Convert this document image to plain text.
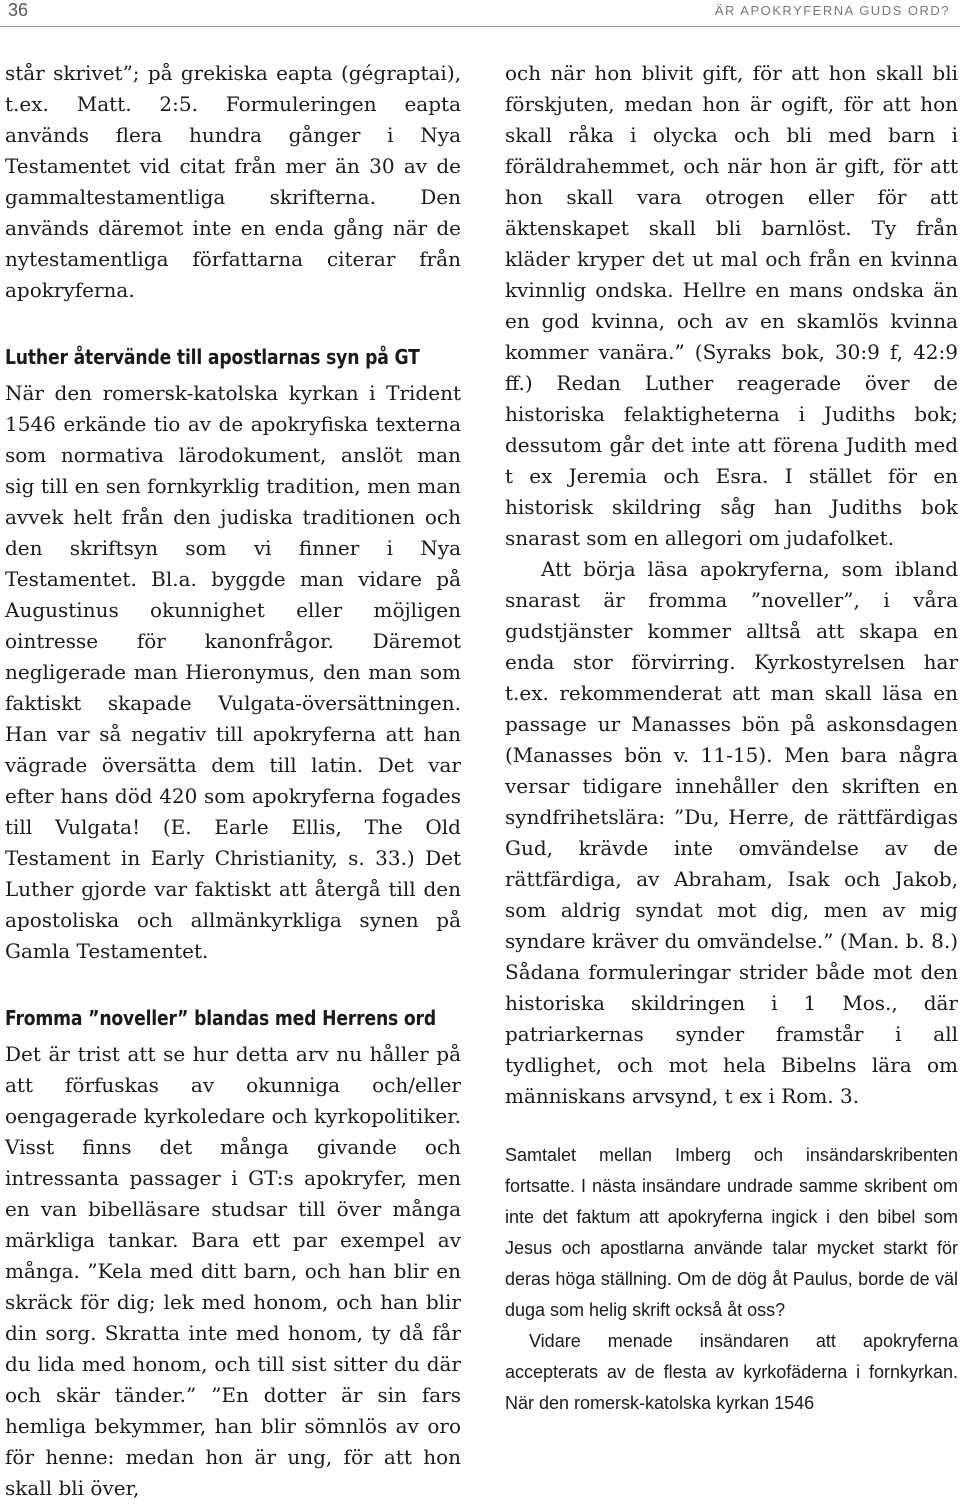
36	ÄR APOKRYFERNA GUDS ORD?

står skrivet”; på grekiska eapta (gégraptai), t.ex. Matt. 2:5. Formuleringen eapta används flera hundra gånger i Nya Testamentet vid citat från mer än 30 av de gammaltestamentliga skrifterna. Den används däremot inte en enda gång när de nytestamentliga författarna citerar från apokryferna.

Luther återvände till apostlarnas syn på GT

När den romersk-katolska kyrkan i Trident 1546 erkände tio av de apokryfiska texterna som normativa lärodokument, anslöt man sig till en sen fornkyrklig tradition, men man avvek helt från den judiska traditionen och den skriftsyn som vi finner i Nya Testamentet. Bl.a. byggde man vidare på Augustinus okunnighet eller möjligen ointresse för kanonfrågor. Däremot negligerade man Hieronymus, den man som faktiskt skapade Vulgata-översättningen. Han var så negativ till apokryferna att han vägrade översätta dem till latin. Det var efter hans död 420 som apokryferna fogades till Vulgata! (E. Earle Ellis, The Old Testament in Early Christianity, s. 33.) Det Luther gjorde var faktiskt att återgå till den apostoliska och allmänkyrkliga synen på Gamla Testamentet.

Fromma ”noveller” blandas med Herrens ord

Det är trist att se hur detta arv nu håller på att förfuskas av okunniga och/eller oengagerade kyrkoledare och kyrkopolitiker. Visst finns det många givande och intressanta passager i GT:s apokryfer, men en van bibelläsare studsar till över många märkliga tankar. Bara ett par exempel av många. ”Kela med ditt barn, och han blir en skräck för dig; lek med honom, och han blir din sorg. Skratta inte med honom, ty då får du lida med honom, och till sist sitter du där och skär tänder.” ”En dotter är sin fars hemliga bekymmer, han blir sömnlös av oro för henne: medan hon är ung, för att hon skall bli över,

och när hon blivit gift, för att hon skall bli förskjuten, medan hon är ogift, för att hon skall råka i olycka och bli med barn i föräldrahemmet, och när hon är gift, för att hon skall vara otrogen eller för att äktenskapet skall bli barnlöst. Ty från kläder kryper det ut mal och från en kvinna kvinnlig ondska. Hellre en mans ondska än en god kvinna, och av en skamlös kvinna kommer vanära.” (Syraks bok, 30:9 f, 42:9 ff.) Redan Luther reagerade över de historiska felaktigheterna i Judiths bok; dessutom går det inte att förena Judith med t ex Jeremia och Esra. I stället för en historisk skildring såg han Judiths bok snarast som en allegori om judafolket.

Att börja läsa apokryferna, som ibland snarast är fromma ”noveller”, i våra gudstjänster kommer alltså att skapa en enda stor förvirring. Kyrkostyrelsen har t.ex. rekommenderat att man skall läsa en passage ur Manasses bön på askonsdagen (Manasses bön v. 11-15). Men bara några versar tidigare innehåller den skriften en syndfrihetslära: ”Du, Herre, de rättfärdigas Gud, krävde inte omvändelse av de rättfärdiga, av Abraham, Isak och Jakob, som aldrig syndat mot dig, men av mig syndare kräver du omvändelse.” (Man. b. 8.) Sådana formuleringar strider både mot den historiska skildringen i 1 Mos., där patriarkernas synder framstår i all tydlighet, och mot hela Bibelns lära om människans arvsynd, t ex i Rom. 3.

Samtalet mellan Imberg och insändarskribenten fortsatte. I nästa insändare undrade samme skribent om inte det faktum att apokryferna ingick i den bibel som Jesus och apostlarna använde talar mycket starkt för deras höga ställning. Om de dög åt Paulus, borde de väl duga som helig skrift också åt oss?

Vidare menade insändaren att apokryferna accepterats av de flesta av kyrkofäderna i fornkyrkan. När den romersk-katolska kyrkan 1546
